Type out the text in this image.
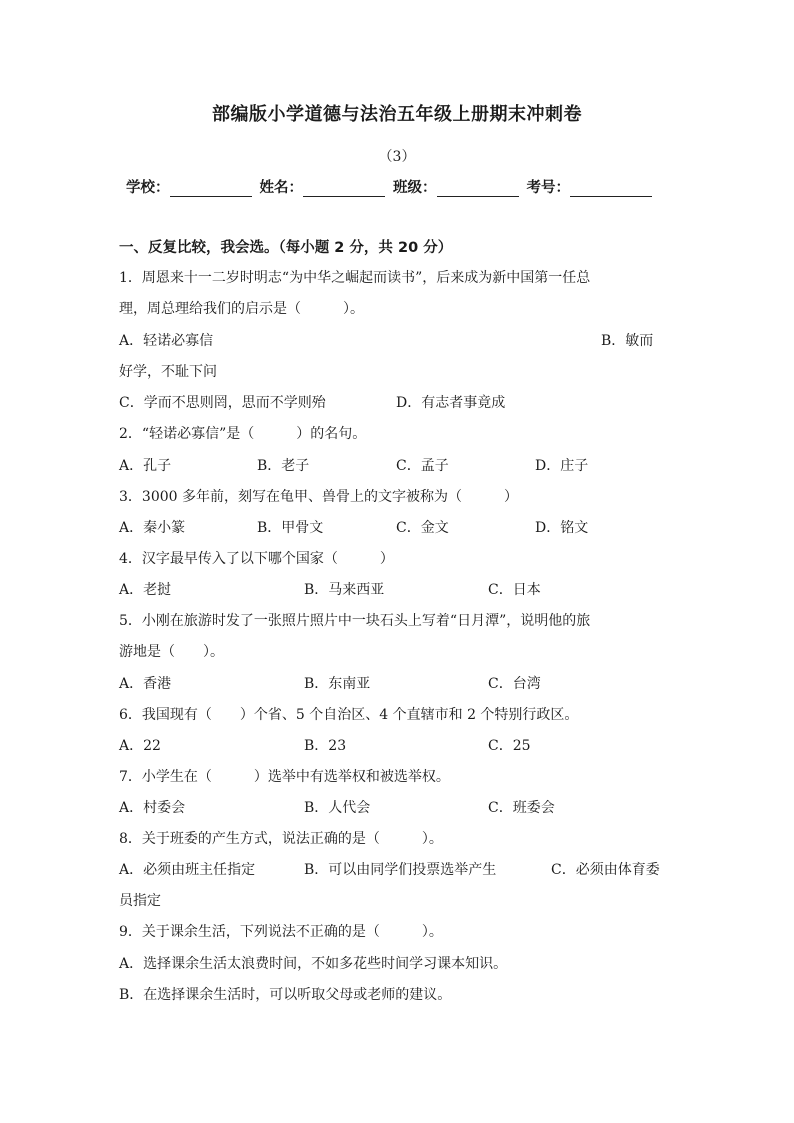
部编版小学道德与法治五年级上册期末冲刺卷
（3）
学校：	姓名：	班级：	考号：
一、反复比较，我会选。（每小题 2 分，共 20 分）
1．周恩来十一二岁时明志“为中华之崛起而读书”，后来成为新中国第一任总
理，周总理给我们的启示是（　　　）。
A．轻诺必寡信	B．敏而
好学，不耻下问
C．学而不思则罔，思而不学则殆	D．有志者事竟成
2．“轻诺必寡信”是（　　　）的名句。
A．孔子	B．老子	C．孟子	D．庄子
3．3000 多年前，刻写在龟甲、兽骨上的文字被称为（　　　）
A．秦小篆	B．甲骨文	C．金文	D．铭文
4．汉字最早传入了以下哪个国家（　　　）
A．老挝	B．马来西亚	C．日本
5．小刚在旅游时发了一张照片照片中一块石头上写着“日月潭”，说明他的旅
游地是（　　）。
A．香港	B．东南亚	C．台湾
6．我国现有（　　）个省、5 个自治区、4 个直辖市和 2 个特别行政区。
A．22	B．23	C．25
7．小学生在（　　　）选举中有选举权和被选举权。
A．村委会	B．人代会	C．班委会
8．关于班委的产生方式，说法正确的是（　　　）。
A．必须由班主任指定	B．可以由同学们投票选举产生	C．必须由体育委
员指定
9．关于课余生活，下列说法不正确的是（　　　）。
A．选择课余生活太浪费时间，不如多花些时间学习课本知识。
B．在选择课余生活时，可以听取父母或老师的建议。
